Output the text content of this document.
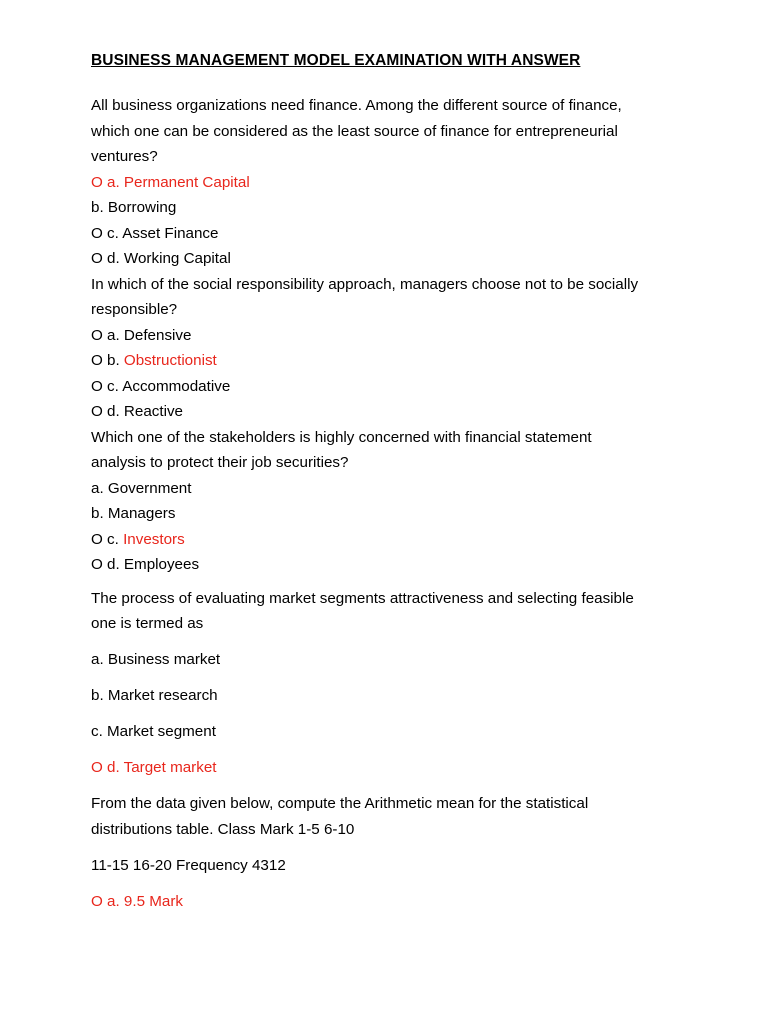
BUSINESS MANAGEMENT MODEL EXAMINATION WITH ANSWER
All business organizations need finance. Among the different source of finance,
which one can be considered as the least source of finance for entrepreneurial
ventures?
O a. Permanent Capital
b. Borrowing
O c. Asset Finance
O d. Working Capital
In which of the social responsibility approach, managers choose not to be socially
responsible?
O a. Defensive
O b. Obstructionist
O c. Accommodative
O d. Reactive
Which one of the stakeholders is highly concerned with financial statement
analysis to protect their job securities?
a. Government
b. Managers
O c. Investors
O d. Employees
The process of evaluating market segments attractiveness and selecting feasible
one is termed as
a. Business market
b. Market research
c. Market segment
O d. Target market
From the data given below, compute the Arithmetic mean for the statistical
distributions table. Class Mark 1-5 6-10
11-15 16-20 Frequency 4312
O a. 9.5 Mark
